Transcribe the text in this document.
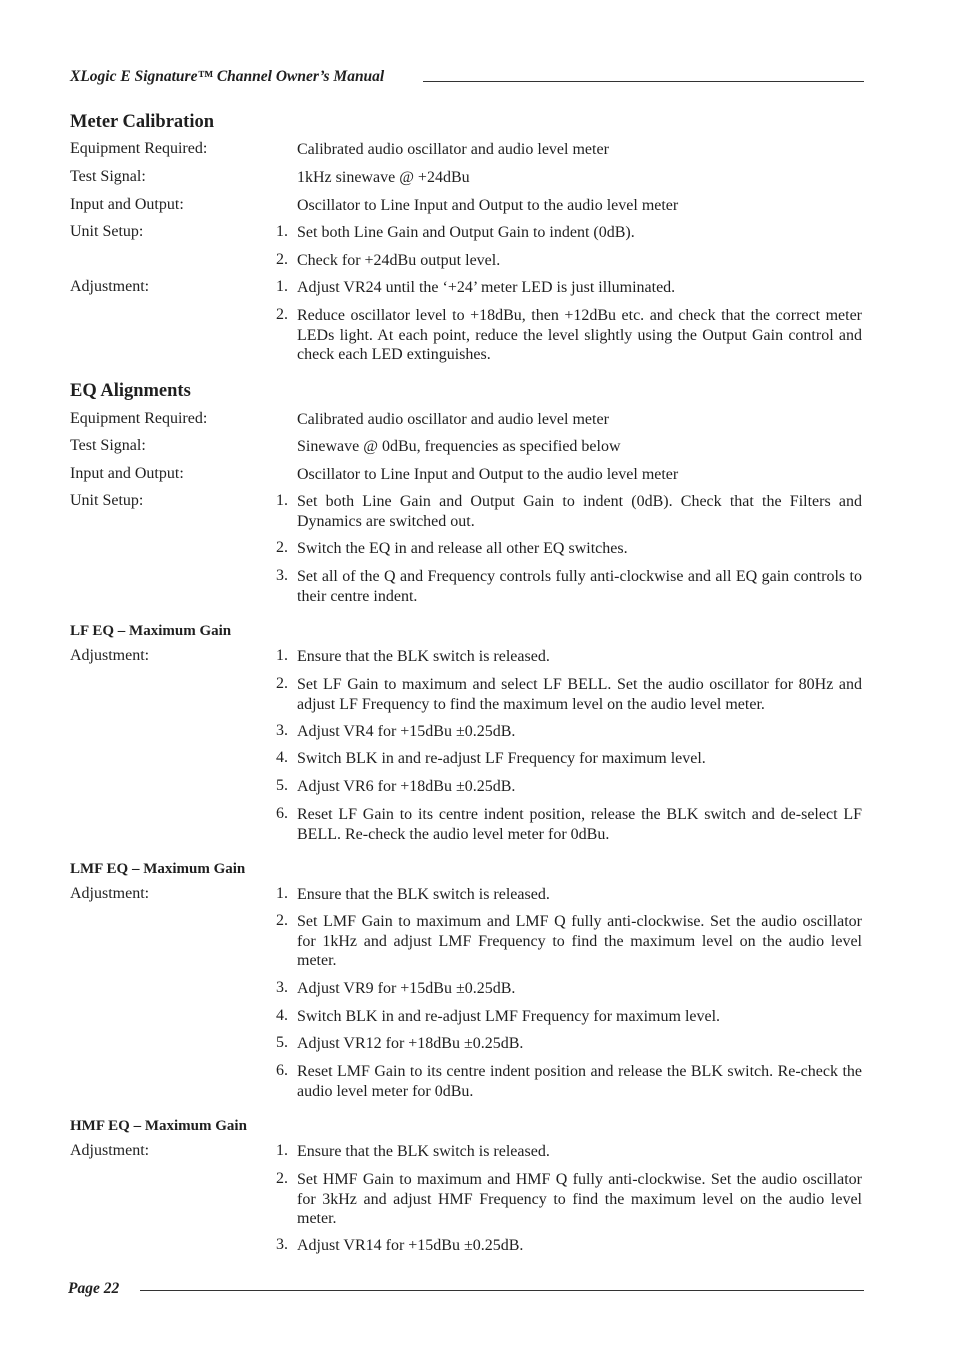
XLogic E Signature™ Channel Owner’s Manual
Meter Calibration
Equipment Required:	Calibrated audio oscillator and audio level meter
Test Signal:	1kHz sinewave @ +24dBu
Input and Output:	Oscillator to Line Input and Output to the audio level meter
Unit Setup:	1. Set both Line Gain and Output Gain to indent (0dB).
2. Check for +24dBu output level.
Adjustment:	1. Adjust VR24 until the ‘+24’ meter LED is just illuminated.
2. Reduce oscillator level to +18dBu, then +12dBu etc. and check that the correct meter LEDs light. At each point, reduce the level slightly using the Output Gain control and check each LED extinguishes.
EQ Alignments
Equipment Required:	Calibrated audio oscillator and audio level meter
Test Signal:	Sinewave @ 0dBu, frequencies as specified below
Input and Output:	Oscillator to Line Input and Output to the audio level meter
Unit Setup:	1. Set both Line Gain and Output Gain to indent (0dB). Check that the Filters and Dynamics are switched out.
2. Switch the EQ in and release all other EQ switches.
3. Set all of the Q and Frequency controls fully anti-clockwise and all EQ gain controls to their centre indent.
LF EQ – Maximum Gain
Adjustment:	1. Ensure that the BLK switch is released.
2. Set LF Gain to maximum and select LF BELL. Set the audio oscillator for 80Hz and adjust LF Frequency to find the maximum level on the audio level meter.
3. Adjust VR4 for +15dBu ±0.25dB.
4. Switch BLK in and re-adjust LF Frequency for maximum level.
5. Adjust VR6 for +18dBu ±0.25dB.
6. Reset LF Gain to its centre indent position, release the BLK switch and de-select LF BELL. Re-check the audio level meter for 0dBu.
LMF EQ – Maximum Gain
Adjustment:	1. Ensure that the BLK switch is released.
2. Set LMF Gain to maximum and LMF Q fully anti-clockwise. Set the audio oscillator for 1kHz and adjust LMF Frequency to find the maximum level on the audio level meter.
3. Adjust VR9 for +15dBu ±0.25dB.
4. Switch BLK in and re-adjust LMF Frequency for maximum level.
5. Adjust VR12 for +18dBu ±0.25dB.
6. Reset LMF Gain to its centre indent position and release the BLK switch. Re-check the audio level meter for 0dBu.
HMF EQ – Maximum Gain
Adjustment:	1. Ensure that the BLK switch is released.
2. Set HMF Gain to maximum and HMF Q fully anti-clockwise. Set the audio oscillator for 3kHz and adjust HMF Frequency to find the maximum level on the audio level meter.
3. Adjust VR14 for +15dBu ±0.25dB.
Page 22
